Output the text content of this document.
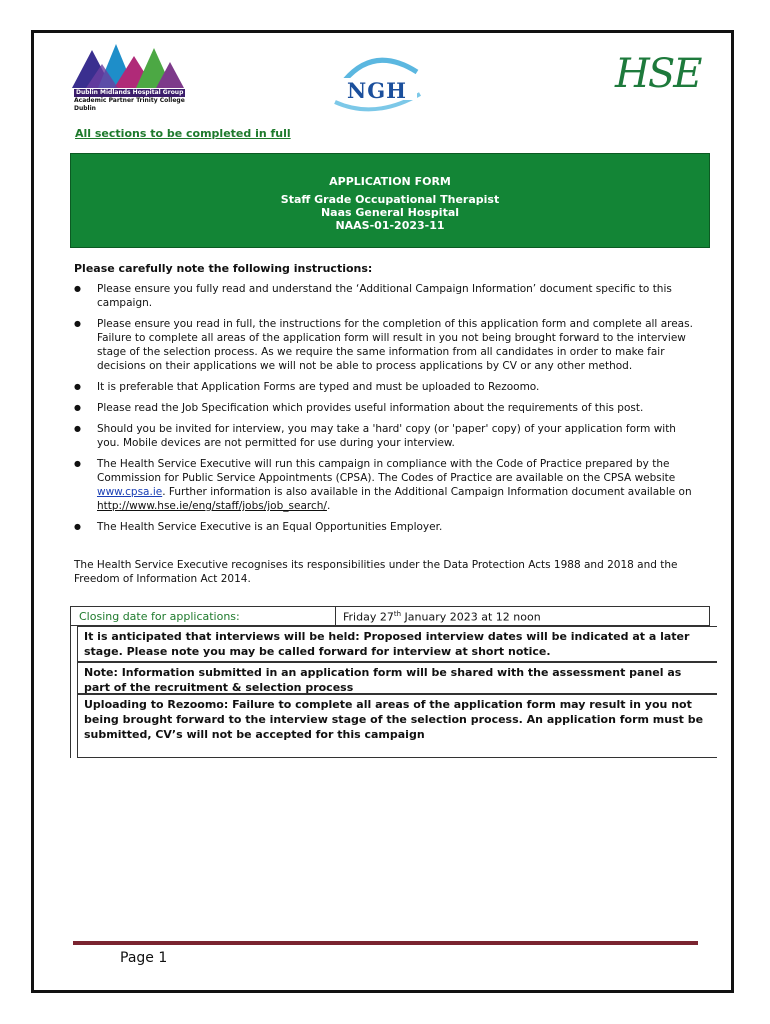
Dublin Midlands Hospital Group
Academic Partner Trinity College Dublin
NGH	HSE
All sections to be completed in full
APPLICATION FORM
Staff Grade Occupational Therapist
Naas General Hospital
NAAS-01-2023-11
Please carefully note the following instructions:
● Please ensure you fully read and understand the ‘Additional Campaign Information’ document specific to this campaign.
● Please ensure you read in full, the instructions for the completion of this application form and complete all areas. Failure to complete all areas of the application form will result in you not being brought forward to the interview stage of the selection process. As we require the same information from all candidates in order to make fair decisions on their applications we will not be able to process applications by CV or any other method.
● It is preferable that Application Forms are typed and must be uploaded to Rezoomo.
● Please read the Job Specification which provides useful information about the requirements of this post.
● Should you be invited for interview, you may take a 'hard' copy (or 'paper' copy) of your application form with you. Mobile devices are not permitted for use during your interview.
● The Health Service Executive will run this campaign in compliance with the Code of Practice prepared by the Commission for Public Service Appointments (CPSA). The Codes of Practice are available on the CPSA website www.cpsa.ie. Further information is also available in the Additional Campaign Information document available on http://www.hse.ie/eng/staff/jobs/job_search/.
● The Health Service Executive is an Equal Opportunities Employer.
The Health Service Executive recognises its responsibilities under the Data Protection Acts 1988 and 2018 and the Freedom of Information Act 2014.
Closing date for applications:	Friday 27th January 2023 at 12 noon
It is anticipated that interviews will be held: Proposed interview dates will be indicated at a later stage. Please note you may be called forward for interview at short notice.
Note: Information submitted in an application form will be shared with the assessment panel as part of the recruitment & selection process
Uploading to Rezoomo: Failure to complete all areas of the application form may result in you not being brought forward to the interview stage of the selection process. An application form must be submitted, CV’s will not be accepted for this campaign
Page 1
